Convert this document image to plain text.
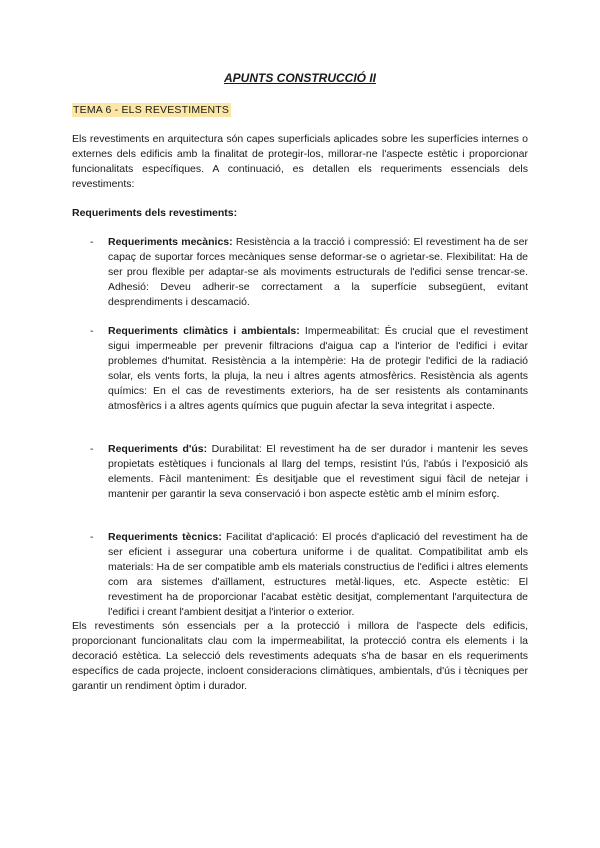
APUNTS CONSTRUCCIÓ II
TEMA 6 - ELS REVESTIMENTS
Els revestiments en arquitectura són capes superficials aplicades sobre les superfícies internes o externes dels edificis amb la finalitat de protegir-los, millorar-ne l'aspecte estètic i proporcionar funcionalitats específiques. A continuació, es detallen els requeriments essencials dels revestiments:
Requeriments dels revestiments:
- Requeriments mecànics: Resistència a la tracció i compressió: El revestiment ha de ser capaç de suportar forces mecàniques sense deformar-se o agrietar-se. Flexibilitat: Ha de ser prou flexible per adaptar-se als moviments estructurals de l'edifici sense trencar-se. Adhesió: Deveu adherir-se correctament a la superfície subsegüent, evitant desprendiments i descamació.
- Requeriments climàtics i ambientals: Impermeabilitat: És crucial que el revestiment sigui impermeable per prevenir filtracions d'aigua cap a l'interior de l'edifici i evitar problemes d'humitat. Resistència a la intempèrie: Ha de protegir l'edifici de la radiació solar, els vents forts, la pluja, la neu i altres agents atmosfèrics. Resistència als agents químics: En el cas de revestiments exteriors, ha de ser resistents als contaminants atmosfèrics i a altres agents químics que puguin afectar la seva integritat i aspecte.
- Requeriments d'ús: Durabilitat: El revestiment ha de ser durador i mantenir les seves propietats estètiques i funcionals al llarg del temps, resistint l'ús, l'abús i l'exposició als elements. Fàcil manteniment: És desitjable que el revestiment sigui fàcil de netejar i mantenir per garantir la seva conservació i bon aspecte estètic amb el mínim esforç.
- Requeriments tècnics: Facilitat d'aplicació: El procés d'aplicació del revestiment ha de ser eficient i assegurar una cobertura uniforme i de qualitat. Compatibilitat amb els materials: Ha de ser compatible amb els materials constructius de l'edifici i altres elements com ara sistemes d'aïllament, estructures metàl·liques, etc. Aspecte estètic: El revestiment ha de proporcionar l'acabat estètic desitjat, complementant l'arquitectura de l'edifici i creant l'ambient desitjat a l'interior o exterior.
Els revestiments són essencials per a la protecció i millora de l'aspecte dels edificis, proporcionant funcionalitats clau com la impermeabilitat, la protecció contra els elements i la decoració estètica. La selecció dels revestiments adequats s'ha de basar en els requeriments específics de cada projecte, incloent consideracions climàtiques, ambientals, d'ús i tècniques per garantir un rendiment òptim i durador.
